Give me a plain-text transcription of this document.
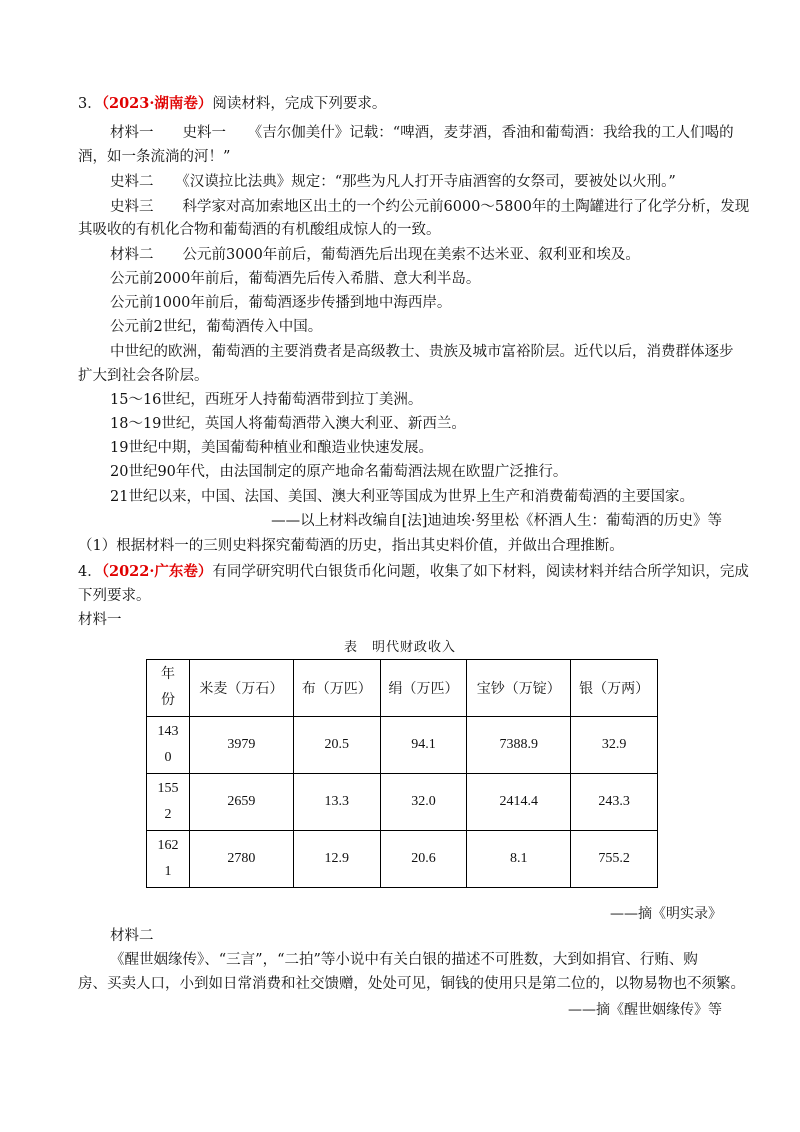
3．（2023·湖南卷）阅读材料，完成下列要求。
材料一　　史料一　　《吉尔伽美什》记载：“啤酒，麦芽酒，香油和葡萄酒：我给我的工人们喝的
酒，如一条流淌的河！”
史料二　　《汉谟拉比法典》规定：“那些为凡人打开寺庙酒窖的女祭司，要被处以火刑。”
史料三　　科学家对高加索地区出土的一个约公元前6000～5800年的土陶罐进行了化学分析，发现
其吸收的有机化合物和葡萄酒的有机酸组成惊人的一致。
材料二　　公元前3000年前后，葡萄酒先后出现在美索不达米亚、叙利亚和埃及。
公元前2000年前后，葡萄酒先后传入希腊、意大利半岛。
公元前1000年前后，葡萄酒逐步传播到地中海西岸。
公元前2世纪，葡萄酒传入中国。
中世纪的欧洲，葡萄酒的主要消费者是高级教士、贵族及城市富裕阶层。近代以后，消费群体逐步
扩大到社会各阶层。
15～16世纪，西班牙人持葡萄酒带到拉丁美洲。
18～19世纪，英国人将葡萄酒带入澳大利亚、新西兰。
19世纪中期，美国葡萄种植业和酿造业快速发展。
20世纪90年代，由法国制定的原产地命名葡萄酒法规在欧盟广泛推行。
21世纪以来，中国、法国、美国、澳大利亚等国成为世界上生产和消费葡萄酒的主要国家。
——以上材料改编自[法]迪迪埃·努里松《杯酒人生：葡萄酒的历史》等
（1）根据材料一的三则史料探究葡萄酒的历史，指出其史料价值，并做出合理推断。
4．（2022·广东卷）有同学研究明代白银货币化问题，收集了如下材料，阅读材料并结合所学知识，完成
下列要求。
材料一
表　明代财政收入
年
份	米麦（万石）	布（万匹）	绢（万匹）	宝钞（万锭）	银（万两）
143
0	3979	20.5	94.1	7388.9	32.9
155
2	2659	13.3	32.0	2414.4	243.3
162
1	2780	12.9	20.6	8.1	755.2
——摘《明实录》
材料二
《醒世姻缘传》、“三言”，“二拍”等小说中有关白银的描述不可胜数，大到如捐官、行贿、购
房、买卖人口，小到如日常消费和社交馈赠，处处可见，铜钱的使用只是第二位的，以物易物也不须繁。
——摘《醒世姻缘传》等
